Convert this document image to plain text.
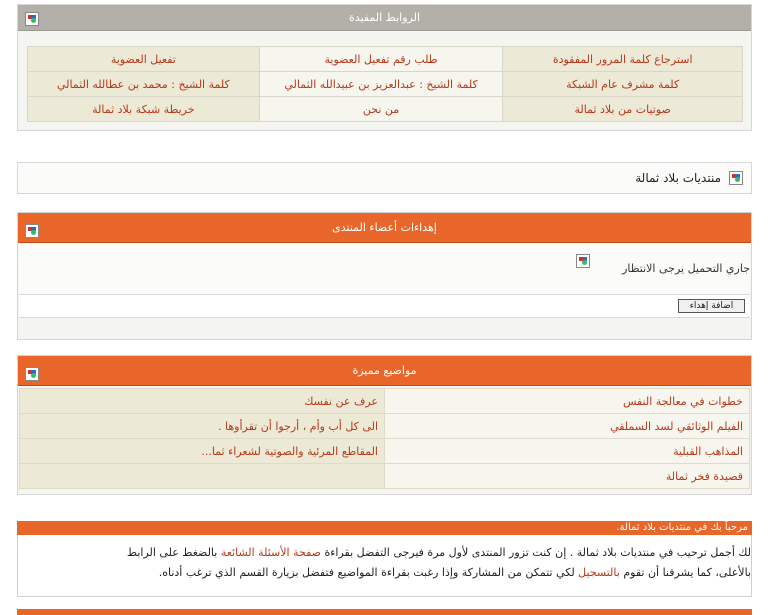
الروابط المفيدة
استرجاع كلمة المرور المفقودة	طلب رقم تفعيل العضوية	تفعيل العضوية
كلمة مشرف عام الشبكة	كلمة الشيخ : عبدالعزيز بن عبيدالله الثمالي	كلمة الشيخ : محمد بن عطالله الثمالي
صوتيات من بلاد ثمالة	من نحن	خريطة شبكة بلاد ثمالة
منتديات بلاد ثمالة
إهداءات أعضاء المنتدى
جاري التحميل يرجى الانتظار
اضافة إهداء
مواضيع مميزة
خطوات في معالجة النفس	عرف عن نفسك
الفيلم الوثائقي لسد السملقي	الى كل أب وأم ، أرجوا أن تقرأوها .
المذاهب القبلية	المقاطع المرئية والصوتية لشعراء ثما...
قصيدة فخر ثمالة	
مرحباً بك في منتديات بلاد ثمالة.
لك أجمل ترحيب في منتديات بلاد ثمالة . إن كنت تزور المنتدى لأول مرة فيرجى التفضل بقراءة صفحة الأسئلة الشائعة بالضغط على الرابط
بالأعلى، كما يشرفنا أن تقوم بالتسجيل لكي تتمكن من المشاركة وإذا رغبت بقراءة المواضيع فتفضل بزيارة القسم الذي ترغب أدناه.
